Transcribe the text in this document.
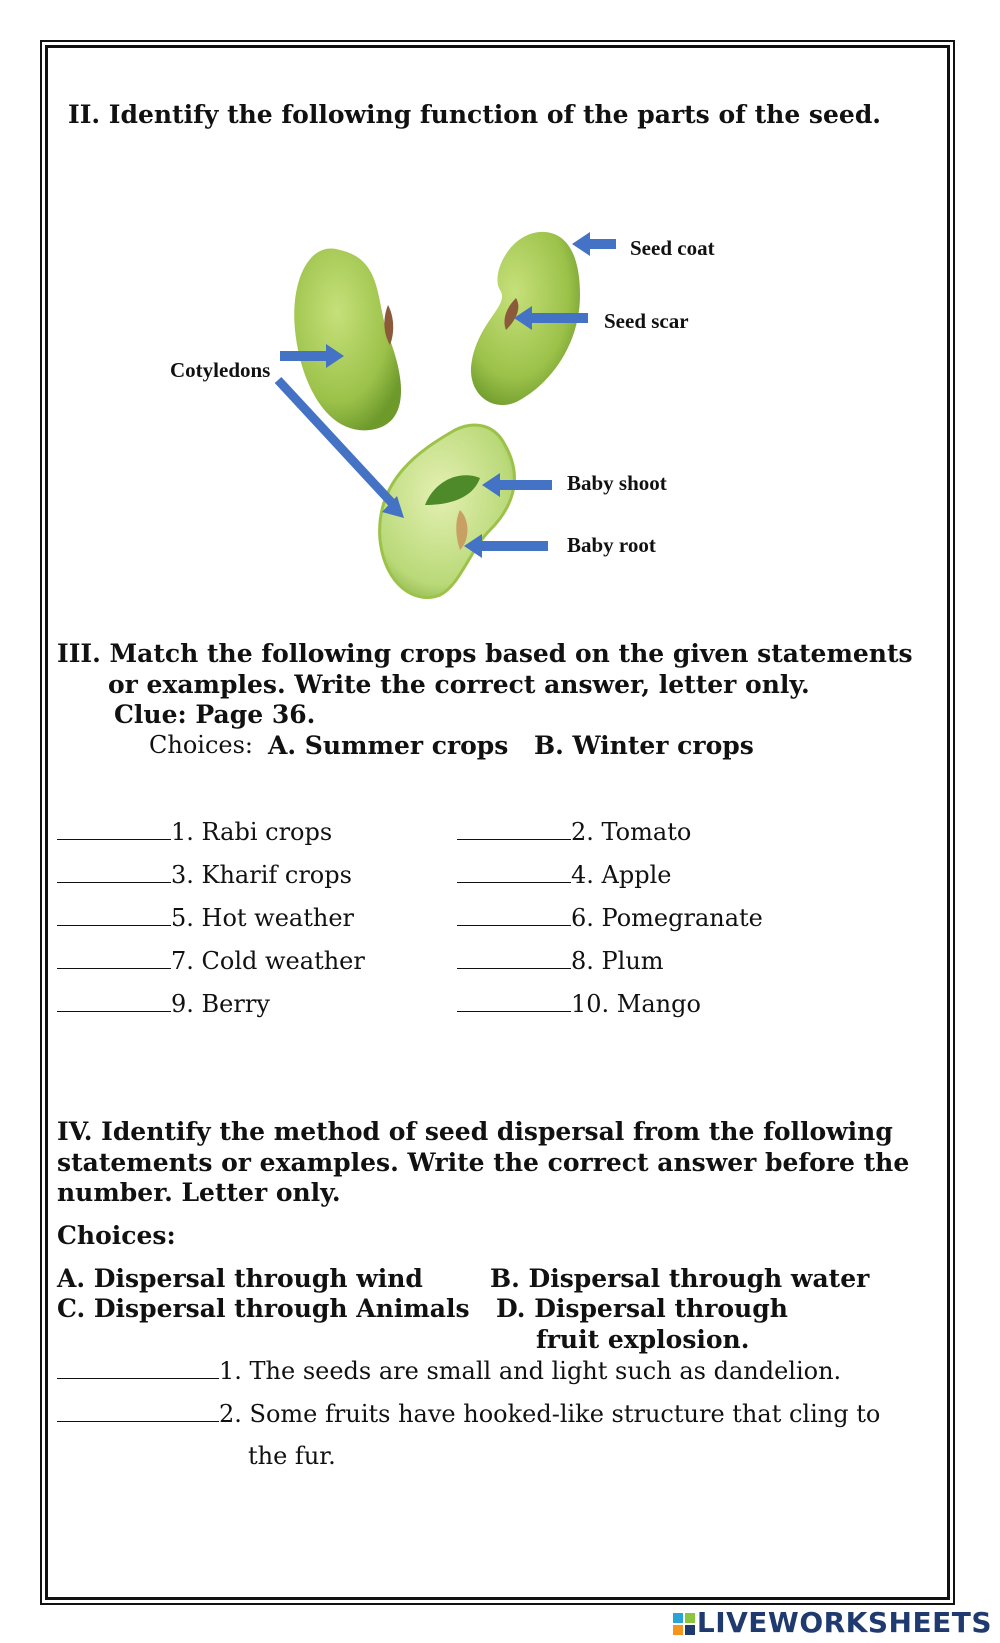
II. Identify the following function of the parts of the seed.
Seed coat
Seed scar
Cotyledons
Baby shoot
Baby root
III. Match the following crops based on the given statements
or examples. Write the correct answer, letter only.
Clue: Page 36.
Choices: A. Summer crops B. Winter crops
1. Rabi crops
3. Kharif crops
5. Hot weather
7. Cold weather
9. Berry
2. Tomato
4. Apple
6. Pomegranate
8. Plum
10. Mango
IV. Identify the method of seed dispersal from the following
statements or examples. Write the correct answer before the
number. Letter only.
Choices:
A. Dispersal through wind	B. Dispersal through water
C. Dispersal through Animals D. Dispersal through
fruit explosion.
1. The seeds are small and light such as dandelion.
2. Some fruits have hooked-like structure that cling to
the fur.
LIVEWORKSHEETS
